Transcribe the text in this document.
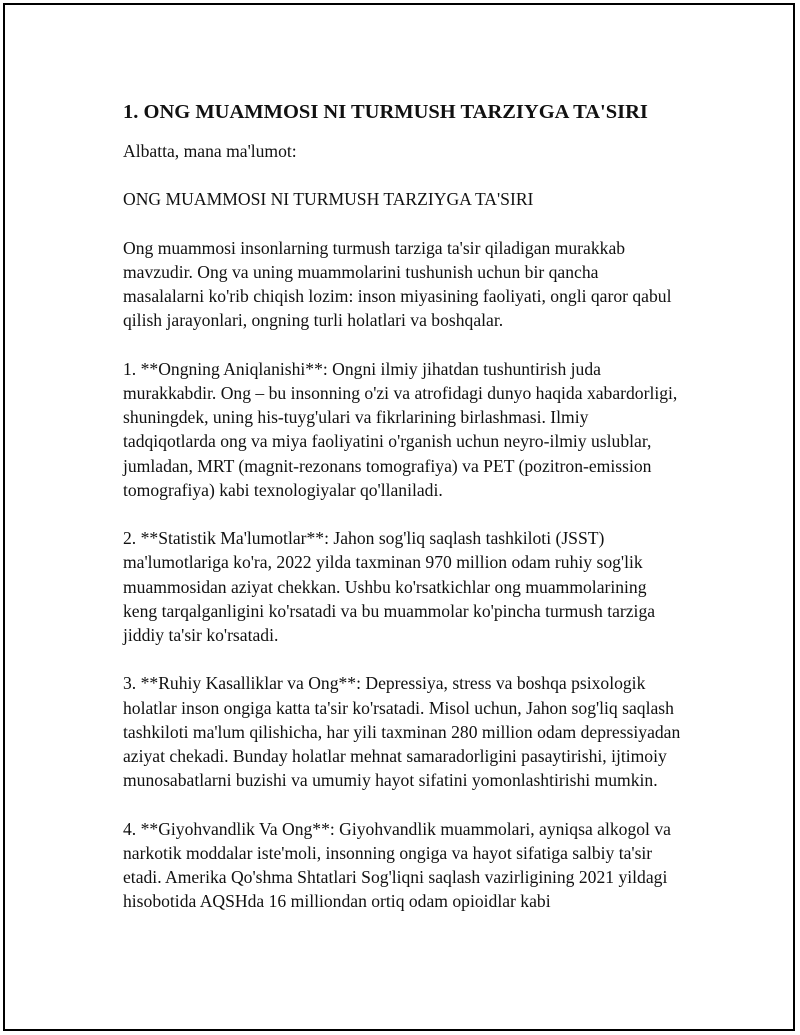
1. ONG MUAMMOSI NI TURMUSH TARZIYGA TA'SIRI

Albatta, mana ma'lumot:

ONG MUAMMOSI NI TURMUSH TARZIYGA TA'SIRI

Ong muammosi insonlarning turmush tarziga ta'sir qiladigan murakkab mavzudir. Ong va uning muammolarini tushunish uchun bir qancha masalalarni ko'rib chiqish lozim: inson miyasining faoliyati, ongli qaror qabul qilish jarayonlari, ongning turli holatlari va boshqalar.

1. **Ongning Aniqlanishi**: Ongni ilmiy jihatdan tushuntirish juda murakkabdir. Ong – bu insonning o'zi va atrofidagi dunyo haqida xabardorligi, shuningdek, uning his-tuyg'ulari va fikrlarining birlashmasi. Ilmiy tadqiqotlarda ong va miya faoliyatini o'rganish uchun neyro-ilmiy uslublar, jumladan, MRT (magnit-rezonans tomografiya) va PET (pozitron-emission tomografiya) kabi texnologiyalar qo'llaniladi.

2. **Statistik Ma'lumotlar**: Jahon sog'liq saqlash tashkiloti (JSST) ma'lumotlariga ko'ra, 2022 yilda taxminan 970 million odam ruhiy sog'lik muammosidan aziyat chekkan. Ushbu ko'rsatkichlar ong muammolarining keng tarqalganligini ko'rsatadi va bu muammolar ko'pincha turmush tarziga jiddiy ta'sir ko'rsatadi.

3. **Ruhiy Kasalliklar va Ong**: Depressiya, stress va boshqa psixologik holatlar inson ongiga katta ta'sir ko'rsatadi. Misol uchun, Jahon sog'liq saqlash tashkiloti ma'lum qilishicha, har yili taxminan 280 million odam depressiyadan aziyat chekadi. Bunday holatlar mehnat samaradorligini pasaytirishi, ijtimoiy munosabatlarni buzishi va umumiy hayot sifatini yomonlashtirishi mumkin.

4. **Giyohvandlik Va Ong**: Giyohvandlik muammolari, ayniqsa alkogol va narkotik moddalar iste'moli, insonning ongiga va hayot sifatiga salbiy ta'sir etadi. Amerika Qo'shma Shtatlari Sog'liqni saqlash vazirligining 2021 yildagi hisobotida AQSHda 16 milliondan ortiq odam opioidlar kabi
